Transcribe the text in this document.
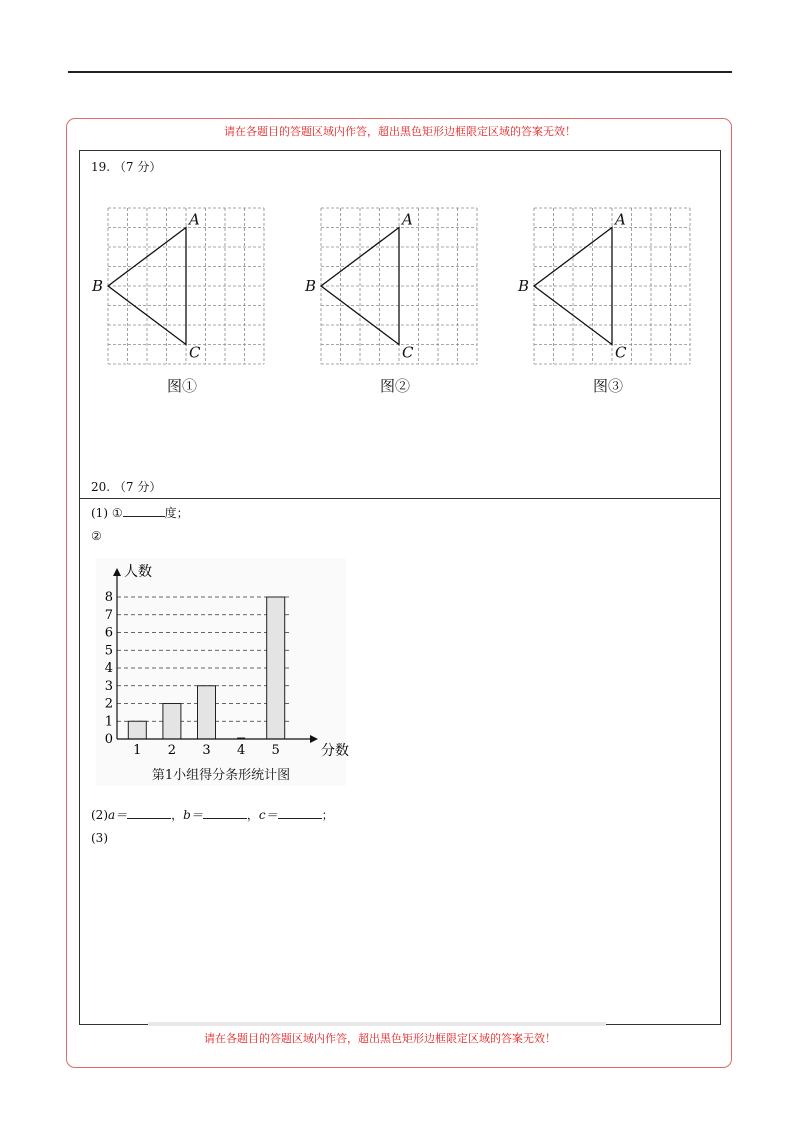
请在各题目的答题区域内作答，超出黑色矩形边框限定区域的答案无效！
请在各题目的答题区域内作答，超出黑色矩形边框限定区域的答案无效！
19. （7 分）
A
B
C
A
B
C
A
B
C
图①	图②	图③
20. （7 分）
(1) ①	度；
②
0
1
2
3
4
5
6
7
8
1 2 3 4 5
人数
分数
第1小组得分条形统计图
(2)a＝	，b＝	，c＝	；
(3)
